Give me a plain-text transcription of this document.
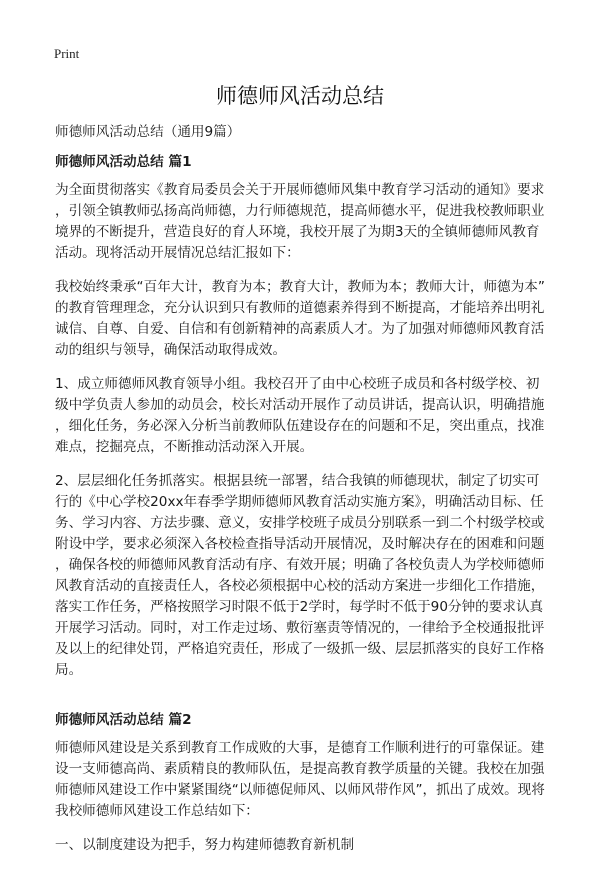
Print
师德师风活动总结
师德师风活动总结（通用9篇）
师德师风活动总结 篇1
为全面贯彻落实《教育局委员会关于开展师德师风集中教育学习活动的通知》要求
，引领全镇教师弘扬高尚师德，力行师德规范，提高师德水平，促进我校教师职业
境界的不断提升，营造良好的育人环境，我校开展了为期3天的全镇师德师风教育
活动。现将活动开展情况总结汇报如下：
我校始终秉承“百年大计，教育为本；教育大计，教师为本；教师大计，师德为本”
的教育管理理念，充分认识到只有教师的道德素养得到不断提高，才能培养出明礼
诚信、自尊、自爱、自信和有创新精神的高素质人才。为了加强对师德师风教育活
动的组织与领导，确保活动取得成效。
1、成立师德师风教育领导小组。我校召开了由中心校班子成员和各村级学校、初
级中学负责人参加的动员会，校长对活动开展作了动员讲话，提高认识，明确措施
，细化任务，务必深入分析当前教师队伍建设存在的问题和不足，突出重点，找准
难点，挖掘亮点，不断推动活动深入开展。
2、层层细化任务抓落实。根据县统一部署，结合我镇的师德现状，制定了切实可
行的《中心学校20xx年春季学期师德师风教育活动实施方案》，明确活动目标、任
务、学习内容、方法步骤、意义，安排学校班子成员分别联系一到二个村级学校或
附设中学，要求必须深入各校检查指导活动开展情况，及时解决存在的困难和问题
，确保各校的师德师风教育活动有序、有效开展；明确了各校负责人为学校师德师
风教育活动的直接责任人，各校必须根据中心校的活动方案进一步细化工作措施，
落实工作任务，严格按照学习时限不低于2学时，每学时不低于90分钟的要求认真
开展学习活动。同时，对工作走过场、敷衍塞责等情况的，一律给予全校通报批评
及以上的纪律处罚，严格追究责任，形成了一级抓一级、层层抓落实的良好工作格
局。
师德师风活动总结 篇2
师德师风建设是关系到教育工作成败的大事，是德育工作顺利进行的可靠保证。建
设一支师德高尚、素质精良的教师队伍，是提高教育教学质量的关键。我校在加强
师德师风建设工作中紧紧围绕“以师德促师风、以师风带作风”，抓出了成效。现将
我校师德师风建设工作总结如下：
一、以制度建设为把手，努力构建师德教育新机制
